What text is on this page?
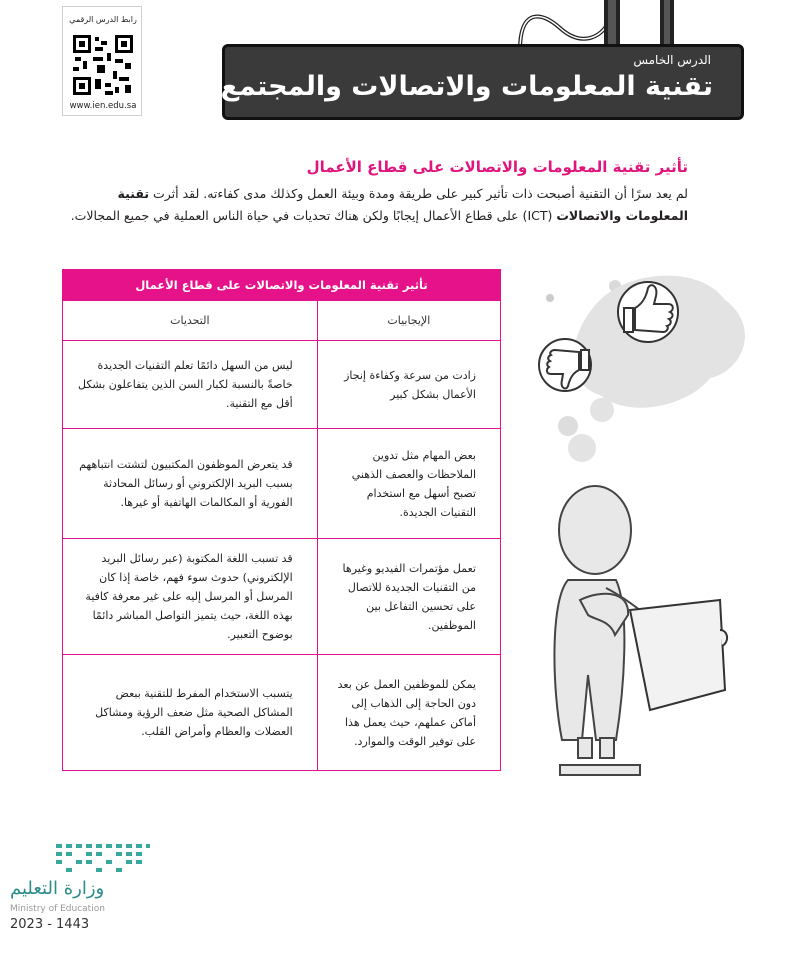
رابط الدرس الرقمي
www.ien.edu.sa
الدرس الخامس
تقنية المعلومات والاتصالات والمجتمع
تأثير تقنية المعلومات والاتصالات على قطاع الأعمال
لم يعد سرًا أن التقنية أصبحت ذات تأثير كبير على طريقة ومدة وبيئة العمل وكذلك مدى كفاءته. لقد أثرت تقنية المعلومات والاتصالات (ICT) على قطاع الأعمال إيجابًا ولكن هناك تحديات في حياة الناس العملية في جميع المجالات.
تأثير تقنية المعلومات والاتصالات على قطاع الأعمال	
الإيجابيات	التحديات
زادت من سرعة وكفاءة إنجاز الأعمال بشكل كبير	ليس من السهل دائمًا تعلم التقنيات الجديدة خاصةً بالنسبة لكبار السن الذين يتفاعلون بشكل أقل مع التقنية.
بعض المهام مثل تدوين الملاحظات والعصف الذهني تصبح أسهل مع استخدام التقنيات الجديدة.	قد يتعرض الموظفون المكتبيون لتشتت انتباههم بسبب البريد الإلكتروني أو رسائل المحادثة الفورية أو المكالمات الهاتفية أو غيرها.
تعمل مؤتمرات الفيديو وغيرها من التقنيات الجديدة للاتصال على تحسين التفاعل بين الموظفين.	قد تسبب اللغة المكتوبة (عبر رسائل البريد الإلكتروني) حدوث سوء فهم، خاصة إذا كان المرسل أو المرسل إليه على غير معرفة كافية بهذه اللغة، حيث يتميز التواصل المباشر دائمًا بوضوح التعبير.
يمكن للموظفين العمل عن بعد دون الحاجة إلى الذهاب إلى أماكن عملهم، حيث يعمل هذا على توفير الوقت والموارد.	يتسبب الاستخدام المفرط للتقنية ببعض المشاكل الصحية مثل ضعف الرؤية ومشاكل العضلات والعظام وأمراض القلب.
وزارة التعليم
Ministry of Education
2023 - 1443
